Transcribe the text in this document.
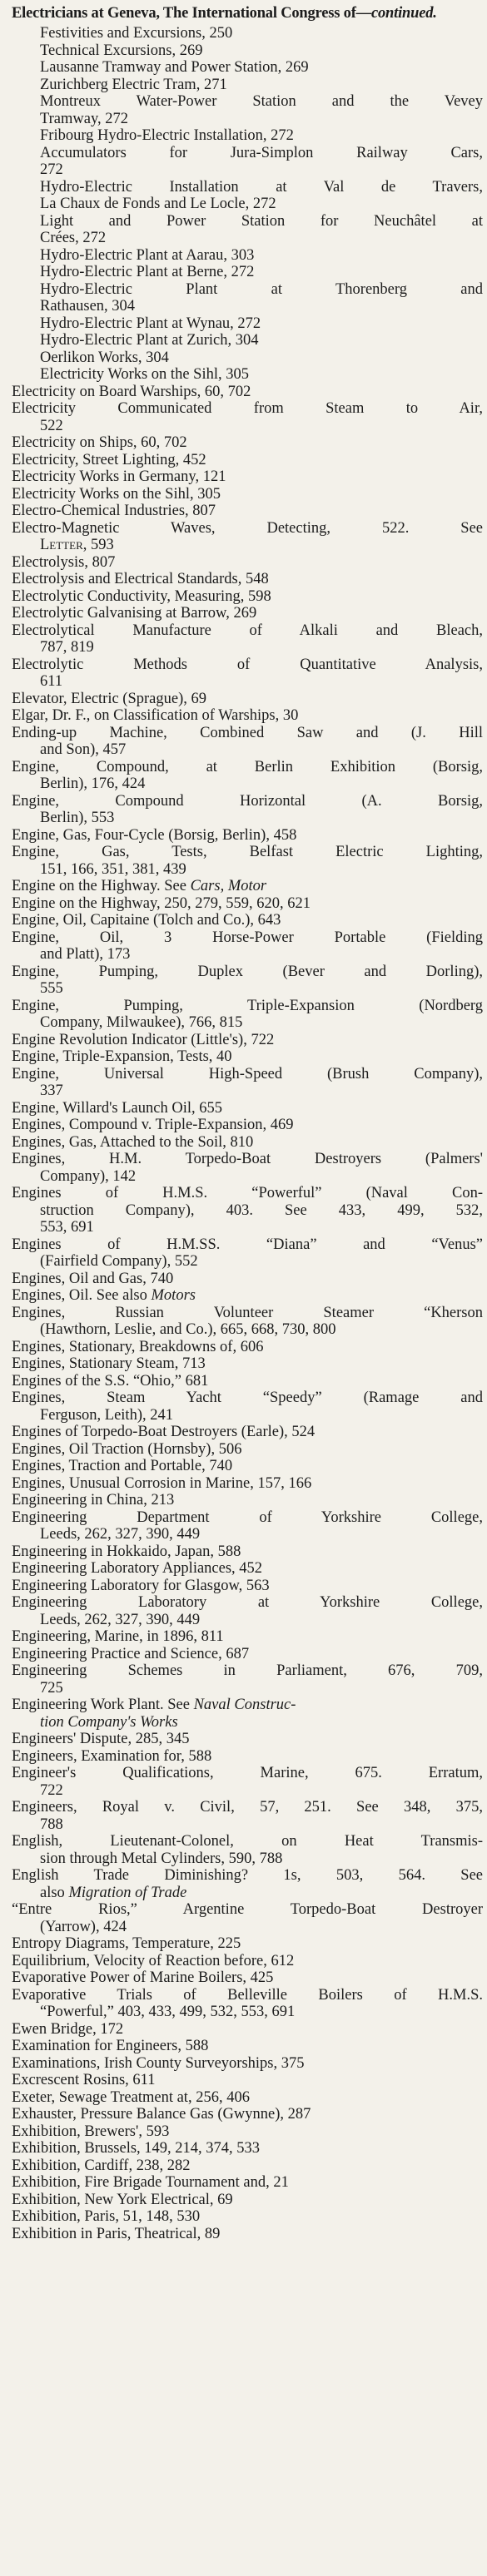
Electricians at Geneva, The International Congress of—continued.
Festivities and Excursions, 250
Technical Excursions, 269
Lausanne Tramway and Power Station, 269
Zurichberg Electric Tram, 271
Montreux Water-Power Station and the Vevey
Tramway, 272
Fribourg Hydro-Electric Installation, 272
Accumulators for Jura-Simplon Railway Cars,
272
Hydro-Electric Installation at Val de Travers,
La Chaux de Fonds and Le Locle, 272
Light and Power Station for Neuchâtel at
Crées, 272
Hydro-Electric Plant at Aarau, 303
Hydro-Electric Plant at Berne, 272
Hydro-Electric Plant at Thorenberg and
Rathausen, 304
Hydro-Electric Plant at Wynau, 272
Hydro-Electric Plant at Zurich, 304
Oerlikon Works, 304
Electricity Works on the Sihl, 305
Electricity on Board Warships, 60, 702
Electricity Communicated from Steam to Air,
522
Electricity on Ships, 60, 702
Electricity, Street Lighting, 452
Electricity Works in Germany, 121
Electricity Works on the Sihl, 305
Electro-Chemical Industries, 807
Electro-Magnetic Waves, Detecting, 522. See
Letter, 593
Electrolysis, 807
Electrolysis and Electrical Standards, 548
Electrolytic Conductivity, Measuring, 598
Electrolytic Galvanising at Barrow, 269
Electrolytical Manufacture of Alkali and Bleach,
787, 819
Electrolytic Methods of Quantitative Analysis,
611
Elevator, Electric (Sprague), 69
Elgar, Dr. F., on Classification of Warships, 30
Ending-up Machine, Combined Saw and (J. Hill
and Son), 457
Engine, Compound, at Berlin Exhibition (Borsig,
Berlin), 176, 424
Engine, Compound Horizontal (A. Borsig,
Berlin), 553
Engine, Gas, Four-Cycle (Borsig, Berlin), 458
Engine, Gas, Tests, Belfast Electric Lighting,
151, 166, 351, 381, 439
Engine on the Highway. See Cars, Motor
Engine on the Highway, 250, 279, 559, 620, 621
Engine, Oil, Capitaine (Tolch and Co.), 643
Engine, Oil, 3 Horse-Power Portable (Fielding
and Platt), 173
Engine, Pumping, Duplex (Bever and Dorling),
555
Engine, Pumping, Triple-Expansion (Nordberg
Company, Milwaukee), 766, 815
Engine Revolution Indicator (Little's), 722
Engine, Triple-Expansion, Tests, 40
Engine, Universal High-Speed (Brush Company),
337
Engine, Willard's Launch Oil, 655
Engines, Compound v. Triple-Expansion, 469
Engines, Gas, Attached to the Soil, 810
Engines, H.M. Torpedo-Boat Destroyers (Palmers'
Company), 142
Engines of H.M.S. “Powerful” (Naval Con-
struction Company), 403. See 433, 499, 532,
553, 691
Engines of H.M.SS. “Diana” and “Venus”
(Fairfield Company), 552
Engines, Oil and Gas, 740
Engines, Oil. See also Motors
Engines, Russian Volunteer Steamer “Kherson
(Hawthorn, Leslie, and Co.), 665, 668, 730, 800
Engines, Stationary, Breakdowns of, 606
Engines, Stationary Steam, 713
Engines of the S.S. “Ohio,” 681
Engines, Steam Yacht “Speedy” (Ramage and
Ferguson, Leith), 241
Engines of Torpedo-Boat Destroyers (Earle), 524
Engines, Oil Traction (Hornsby), 506
Engines, Traction and Portable, 740
Engines, Unusual Corrosion in Marine, 157, 166
Engineering in China, 213
Engineering Department of Yorkshire College,
Leeds, 262, 327, 390, 449
Engineering in Hokkaido, Japan, 588
Engineering Laboratory Appliances, 452
Engineering Laboratory for Glasgow, 563
Engineering Laboratory at Yorkshire College,
Leeds, 262, 327, 390, 449
Engineering, Marine, in 1896, 811
Engineering Practice and Science, 687
Engineering Schemes in Parliament, 676, 709,
725
Engineering Work Plant. See Naval Construc-
tion Company's Works
Engineers' Dispute, 285, 345
Engineers, Examination for, 588
Engineer's Qualifications, Marine, 675. Erratum,
722
Engineers, Royal v. Civil, 57, 251. See 348, 375,
788
English, Lieutenant-Colonel, on Heat Transmis-
sion through Metal Cylinders, 590, 788
English Trade Diminishing? 1s, 503, 564. See
also Migration of Trade
“Entre Rios,” Argentine Torpedo-Boat Destroyer
(Yarrow), 424
Entropy Diagrams, Temperature, 225
Equilibrium, Velocity of Reaction before, 612
Evaporative Power of Marine Boilers, 425
Evaporative Trials of Belleville Boilers of H.M.S.
“Powerful,” 403, 433, 499, 532, 553, 691
Ewen Bridge, 172
Examination for Engineers, 588
Examinations, Irish County Surveyorships, 375
Excrescent Rosins, 611
Exeter, Sewage Treatment at, 256, 406
Exhauster, Pressure Balance Gas (Gwynne), 287
Exhibition, Brewers', 593
Exhibition, Brussels, 149, 214, 374, 533
Exhibition, Cardiff, 238, 282
Exhibition, Fire Brigade Tournament and, 21
Exhibition, New York Electrical, 69
Exhibition, Paris, 51, 148, 530
Exhibition in Paris, Theatrical, 89
